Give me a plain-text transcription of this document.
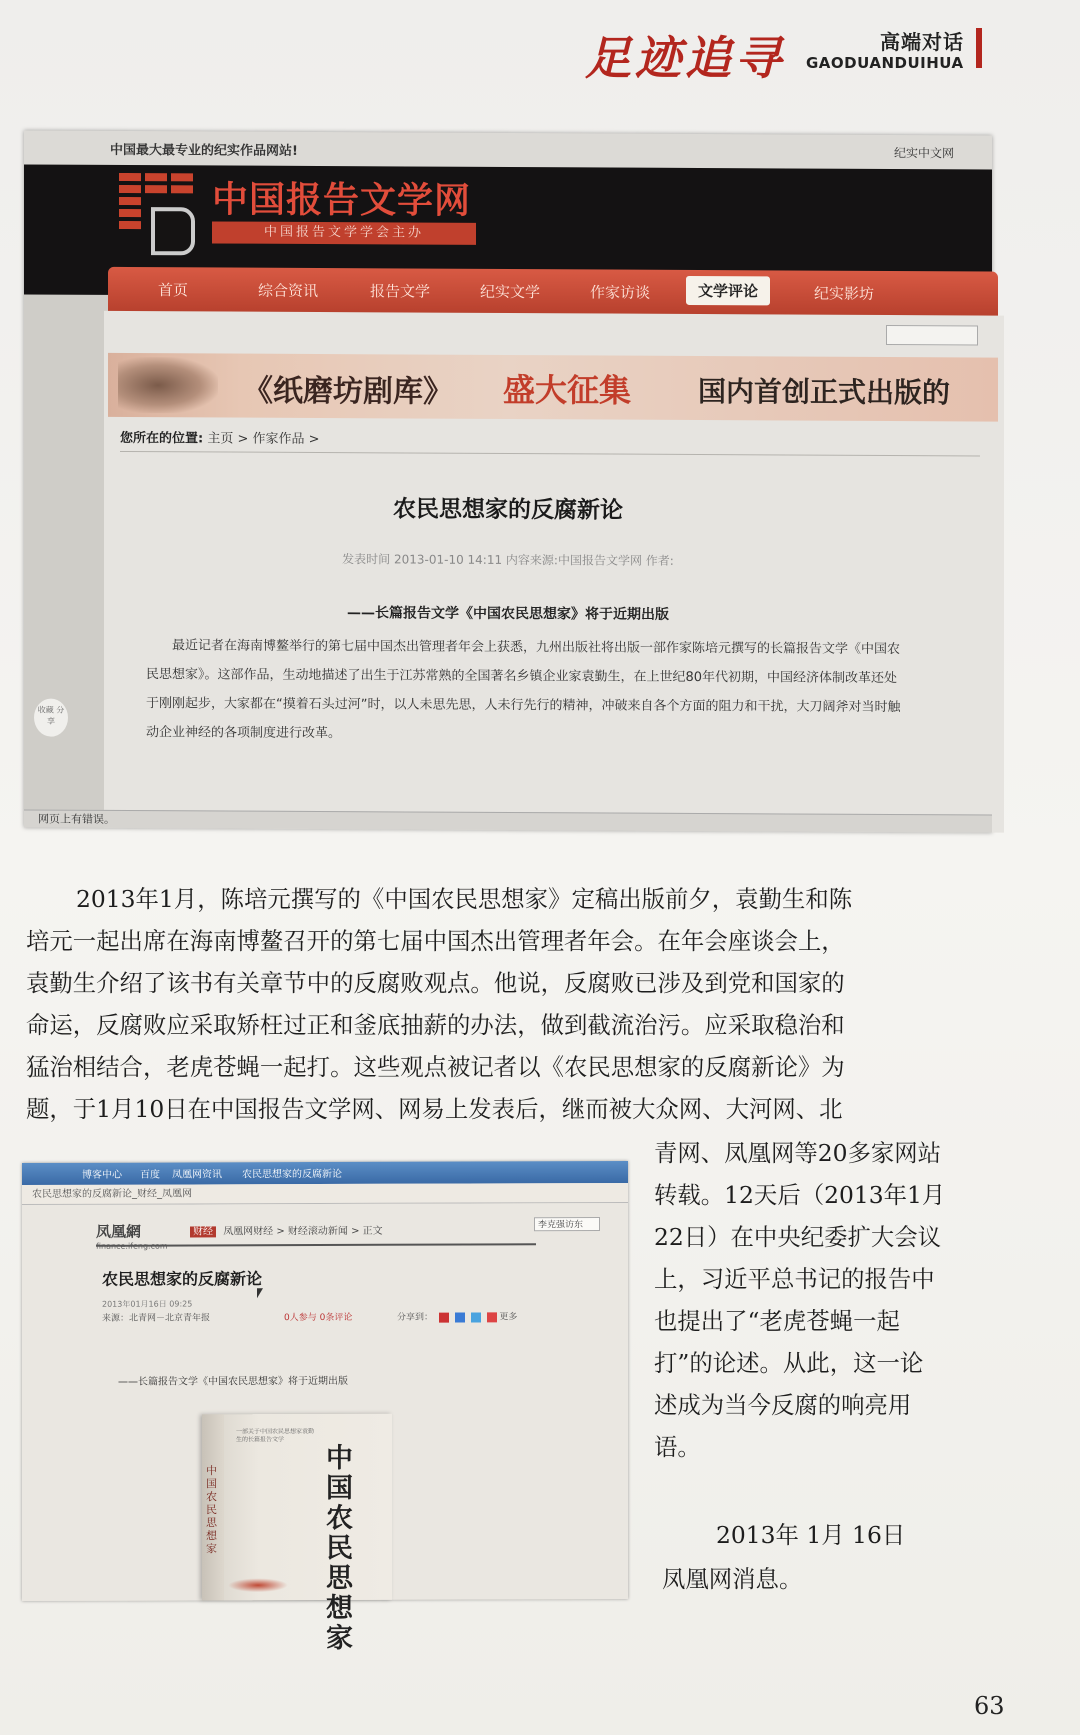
足迹追寻	高端对话
GAODUANDUIHUA
中国最大最专业的纪实作品网站!	纪实中文网
中国报告文学网
中国报告文学学会主办
首页	综合资讯	报告文学	纪实文学	作家访谈	文学评论	纪实影坊
《纸磨坊剧库》 盛大征集 国内首创正式出版的
您所在的位置: 主页 > 作家作品 >
农民思想家的反腐新论
发表时间 2013-01-10 14:11 内容来源:中国报告文学网 作者:
——长篇报告文学《中国农民思想家》将于近期出版
最近记者在海南博鳌举行的第七届中国杰出管理者年会上获悉，九州出版社将出版一部作家陈培元撰写的长篇报告文学《中国农民思想家》。这部作品，生动地描述了出生于江苏常熟的全国著名乡镇企业家袁勤生，在上世纪80年代初期，中国经济体制改革还处于刚刚起步，大家都在“摸着石头过河”时，以人未思先思，人未行先行的精神，冲破来自各个方面的阻力和干扰，大刀阔斧对当时触动企业神经的各项制度进行改革。
收藏 分享
网页上有错误。
2013年1月，陈培元撰写的《中国农民思想家》定稿出版前夕，袁勤生和陈
培元一起出席在海南博鳌召开的第七届中国杰出管理者年会。在年会座谈会上，
袁勤生介绍了该书有关章节中的反腐败观点。他说，反腐败已涉及到党和国家的
命运，反腐败应采取矫枉过正和釜底抽薪的办法，做到截流治污。应采取稳治和
猛治相结合，老虎苍蝇一起打。这些观点被记者以《农民思想家的反腐新论》为
题，于1月10日在中国报告文学网、网易上发表后，继而被大众网、大河网、北
青网、凤凰网等20多家网站
转载。12天后（2013年1月
22日）在中央纪委扩大会议
上，习近平总书记的报告中
也提出了“老虎苍蝇一起
打”的论述。从此，这一论
述成为当今反腐的响亮用
语。
2013年 1月 16日
凤凰网消息。
博客中心 百度 凤凰网资讯 农民思想家的反腐新论
农民思想家的反腐新论_财经_凤凰网
凤凰網	财经 凤凰网财经 > 财经滚动新闻 > 正文
李克强访东
农民思想家的反腐新论
2013年01月16日 09:25
来源：北青网－北京青年报	0人参与 0条评论	分享到：	更多
——长篇报告文学《中国农民思想家》将于近期出版
中国农民思想家
一部关于中国农民思想家袁勤生的长篇报告文学
中国农民思想家
63
